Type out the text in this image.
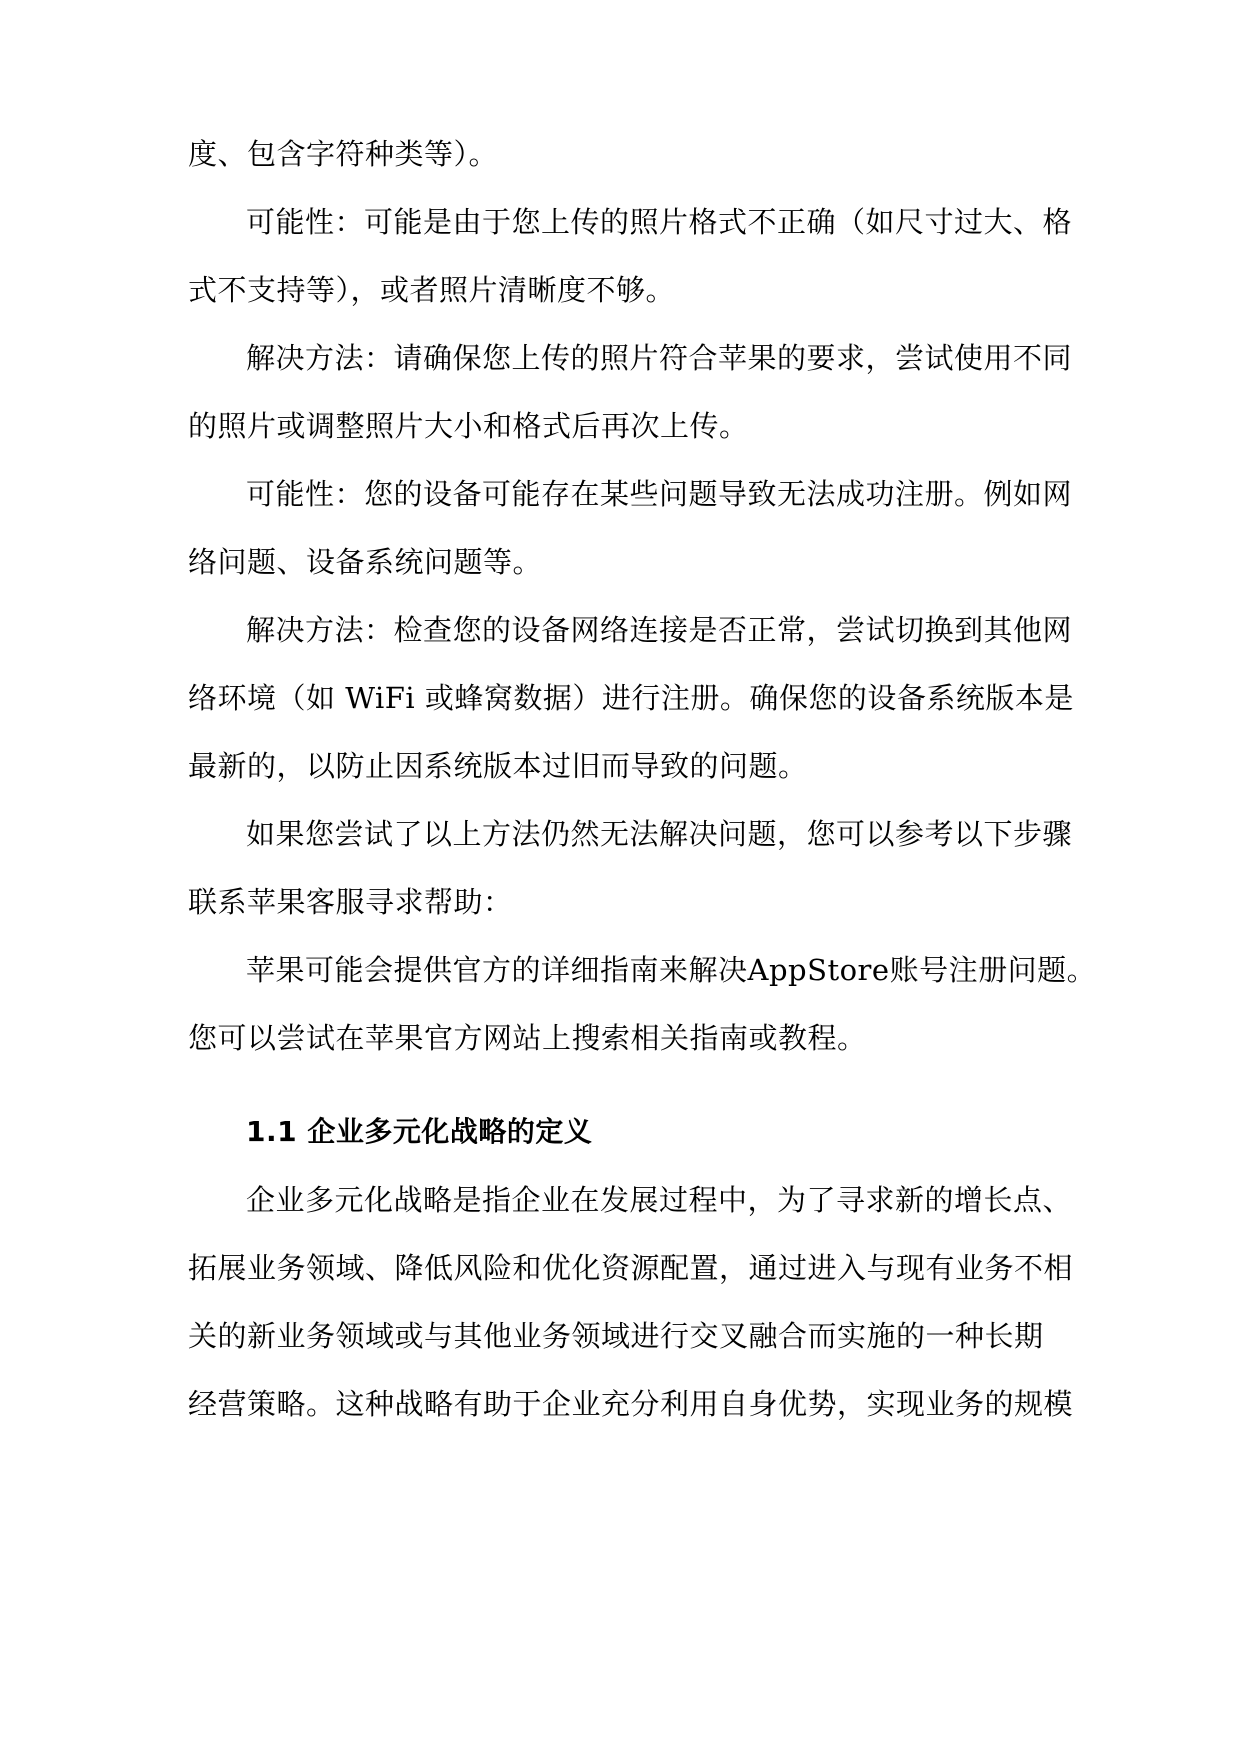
度、包含字符种类等）。
可能性：可能是由于您上传的照片格式不正确（如尺寸过大、格
式不支持等），或者照片清晰度不够。
解决方法：请确保您上传的照片符合苹果的要求，尝试使用不同
的照片或调整照片大小和格式后再次上传。
可能性：您的设备可能存在某些问题导致无法成功注册。例如网
络问题、设备系统问题等。
解决方法：检查您的设备网络连接是否正常，尝试切换到其他网
络环境（如 WiFi 或蜂窝数据）进行注册。确保您的设备系统版本是
最新的，以防止因系统版本过旧而导致的问题。
如果您尝试了以上方法仍然无法解决问题，您可以参考以下步骤
联系苹果客服寻求帮助：
苹果可能会提供官方的详细指南来解决AppStore账号注册问题。
您可以尝试在苹果官方网站上搜索相关指南或教程。
1.1 企业多元化战略的定义
企业多元化战略是指企业在发展过程中，为了寻求新的增长点、
拓展业务领域、降低风险和优化资源配置，通过进入与现有业务不相
关的新业务领域或与其他业务领域进行交叉融合而实施的一种长期
经营策略。这种战略有助于企业充分利用自身优势，实现业务的规模
